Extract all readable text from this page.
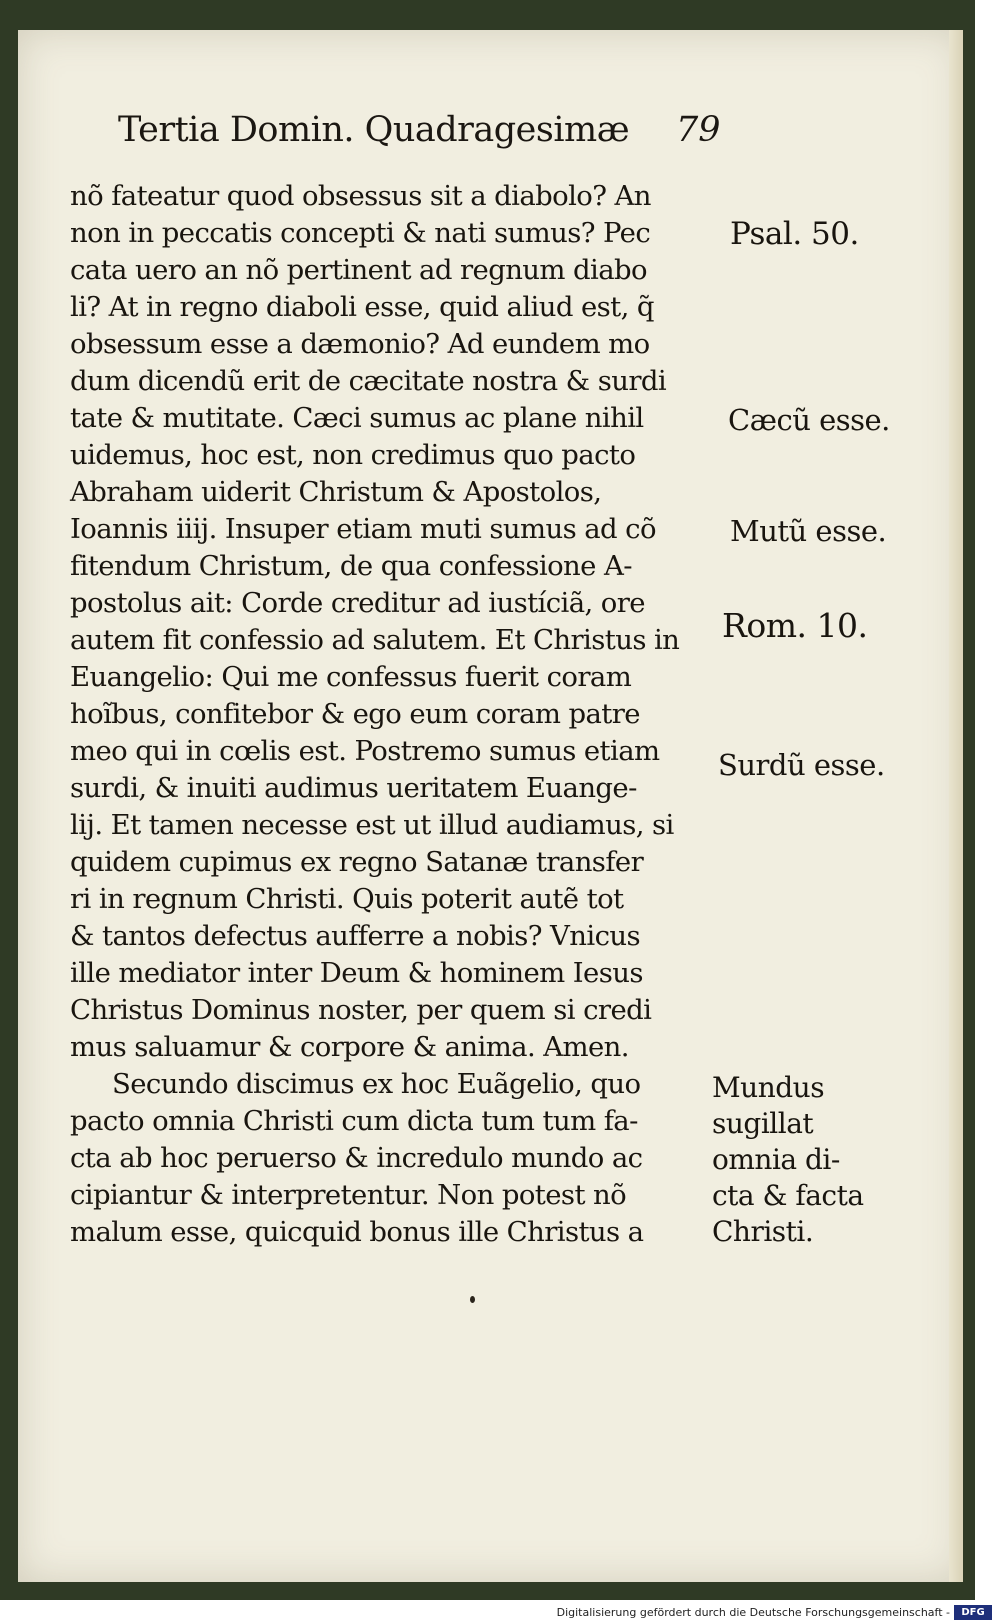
Tertia Domin. Quadragesimæ 79
nõ fateatur quod obsessus sit a diabolo? An
non in peccatis concepti & nati sumus? Pec
cata uero an nõ pertinent ad regnum diabo
li? At in regno diaboli esse, quid aliud est, q̃
obsessum esse a dæmonio? Ad eundem mo
dum dicendũ erit de cæcitate nostra & surdi
tate & mutitate. Cæci sumus ac plane nihil
uidemus, hoc est, non credimus quo pacto
Abraham uiderit Christum & Apostolos,
Ioannis iiij. Insuper etiam muti sumus ad cõ
fitendum Christum, de qua confessione A-
postolus ait: Corde creditur ad iustíciã, ore
autem fit confessio ad salutem. Et Christus in
Euangelio: Qui me confessus fuerit coram
hoĩbus, confitebor & ego eum coram patre
meo qui in cœlis est. Postremo sumus etiam
surdi, & inuiti audimus ueritatem Euange-
lij. Et tamen necesse est ut illud audiamus, si
quidem cupimus ex regno Satanæ transfer
ri in regnum Christi. Quis poterit autẽ tot
& tantos defectus aufferre a nobis? Vnicus
ille mediator inter Deum & hominem Iesus
Christus Dominus noster, per quem si credi
mus saluamur & corpore & anima. Amen.
Secundo discimus ex hoc Euãgelio, quo
pacto omnia Christi cum dicta tum tum fa-
cta ab hoc peruerso & incredulo mundo ac
cipiantur & interpretentur. Non potest nõ
malum esse, quicquid bonus ille Christus a
Psal. 50.
Cæcũ esse.
Mutũ esse.
Rom. 10.
Surdũ esse.
Mundus
sugillat
omnia di-
cta & facta
Christi.
Digitalisierung gefördert durch die Deutsche Forschungsgemeinschaft -	DFG
